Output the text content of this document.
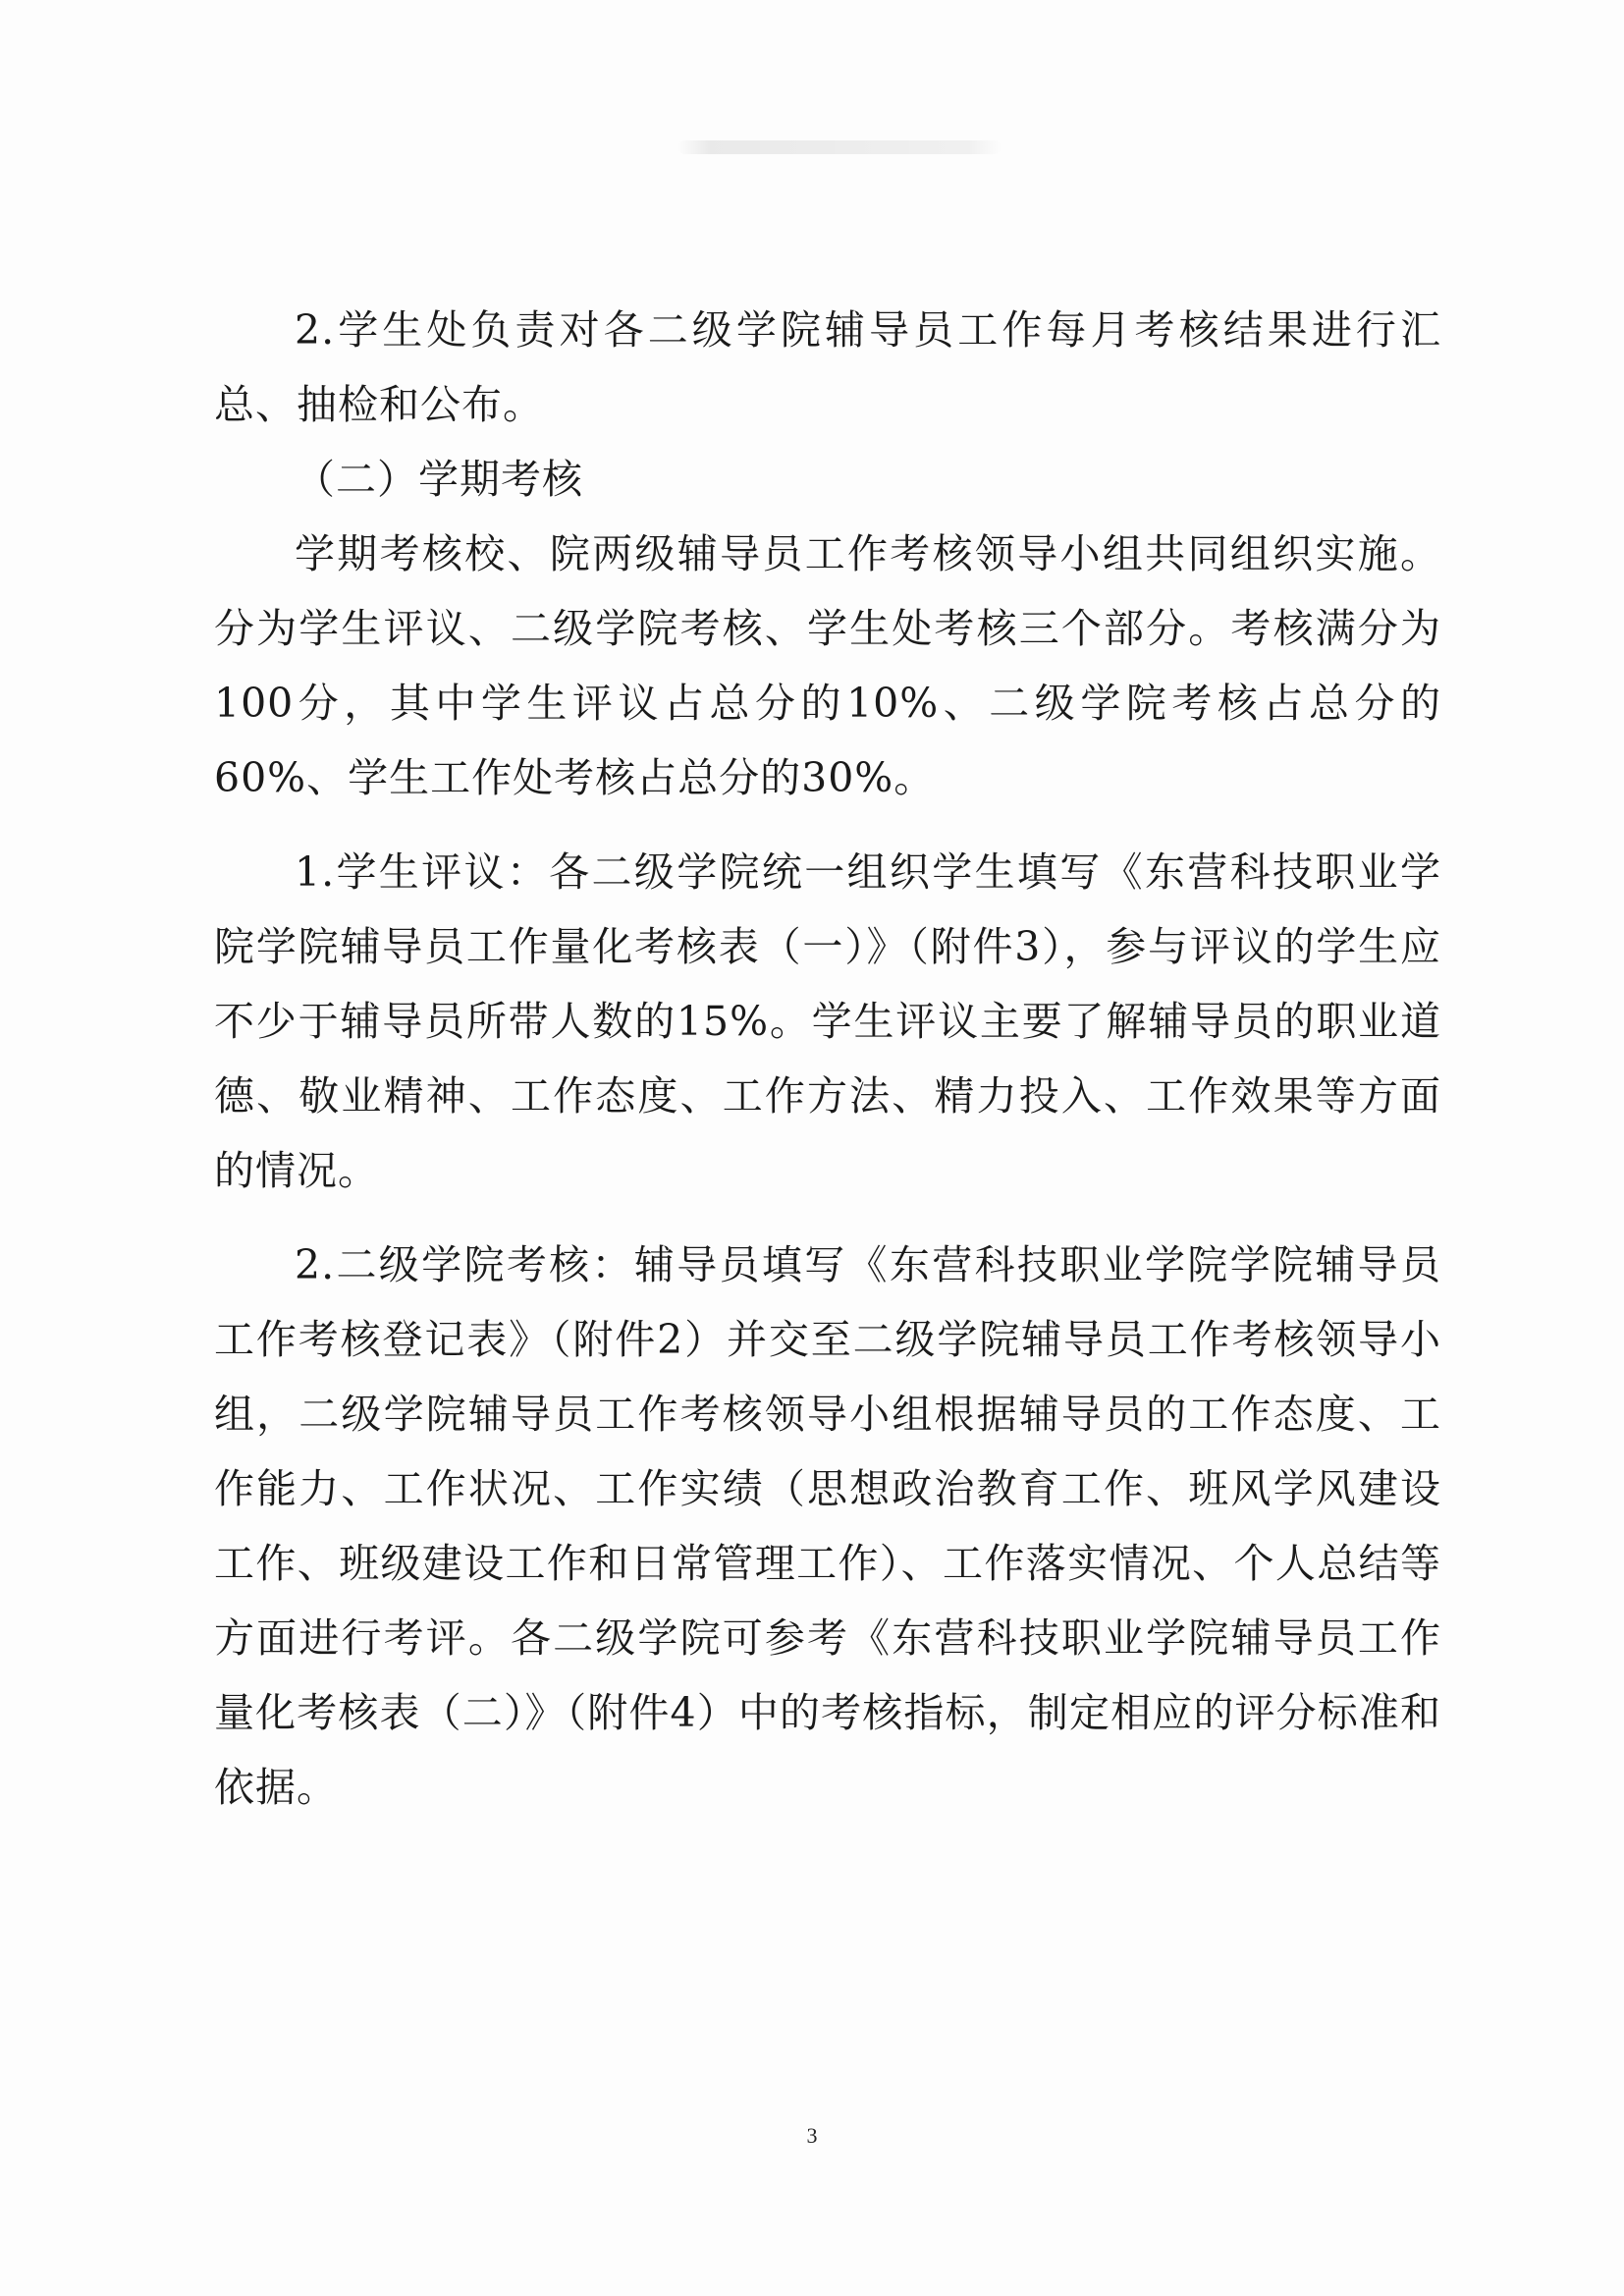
2.学生处负责对各二级学院辅导员工作每月考核结果进行汇总、抽检和公布。

（二）学期考核

学期考核校、院两级辅导员工作考核领导小组共同组织实施。分为学生评议、二级学院考核、学生处考核三个部分。考核满分为100分，其中学生评议占总分的10%、二级学院考核占总分的60%、学生工作处考核占总分的30%。

1.学生评议：各二级学院统一组织学生填写《东营科技职业学院学院辅导员工作量化考核表（一）》（附件3），参与评议的学生应不少于辅导员所带人数的15%。学生评议主要了解辅导员的职业道德、敬业精神、工作态度、工作方法、精力投入、工作效果等方面的情况。

2.二级学院考核：辅导员填写《东营科技职业学院学院辅导员工作考核登记表》（附件2）并交至二级学院辅导员工作考核领导小组，二级学院辅导员工作考核领导小组根据辅导员的工作态度、工作能力、工作状况、工作实绩（思想政治教育工作、班风学风建设工作、班级建设工作和日常管理工作）、工作落实情况、个人总结等方面进行考评。各二级学院可参考《东营科技职业学院辅导员工作量化考核表（二）》（附件4）中的考核指标，制定相应的评分标准和依据。

3
